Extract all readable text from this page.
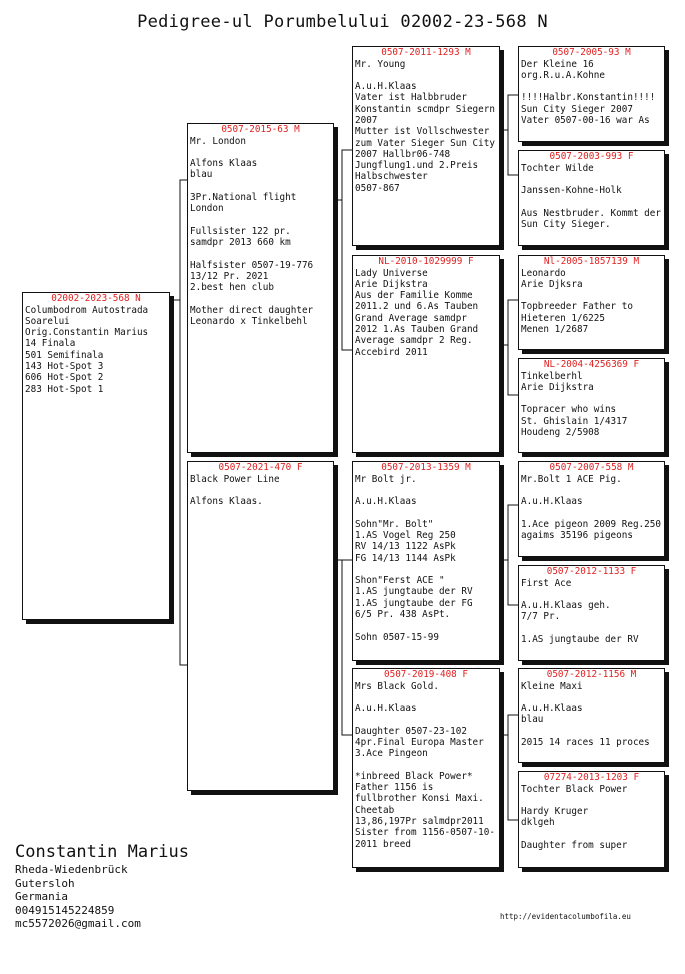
Pedigree-ul Porumbelului 02002-23-568 N
02002-2023-568 N
Columbodrom Autostrada
Soarelui
Orig.Constantin Marius
14 Finala
501 Semifinala
143 Hot-Spot 3
606 Hot-Spot 2
283 Hot-Spot 1
0507-2015-63 M
Mr. London

Alfons Klaas
blau

3Pr.National flight
London

Fullsister 122 pr.
samdpr 2013 660 km

Halfsister 0507-19-776
13/12 Pr. 2021
2.best hen club

Mother direct daughter
Leonardo x Tinkelbehl
0507-2021-470 F
Black Power Line

Alfons Klaas.
0507-2011-1293 M
Mr. Young

A.u.H.Klaas
Vater ist Halbbruder
Konstantin scmdpr Siegern
2007
Mutter ist Vollschwester
zum Vater Sieger Sun City
2007 Hallbr06-748
Jungflung1.und 2.Preis
Halbschwester
0507-867
NL-2010-1029999 F
Lady Universe
Arie Dijkstra
Aus der Familie Komme
2011.2 und 6.As Tauben
Grand Average samdpr
2012 1.As Tauben Grand
Average samdpr 2 Reg.
Accebird 2011
0507-2013-1359 M
Mr Bolt jr.

A.u.H.Klaas

Sohn"Mr. Bolt"
1.AS Vogel Reg 250
RV 14/13 1122 AsPk
FG 14/13 1144 AsPk

Shon"Ferst ACE "
1.AS jungtaube der RV
1.AS jungtaube der FG
6/5 Pr. 438 AsPt.

Sohn 0507-15-99
0507-2019-408 F
Mrs Black Gold.

A.u.H.Klaas

Daughter 0507-23-102
4pr.Final Europa Master
3.Ace Pingeon

*inbreed Black Power*
Father 1156 is
fullbrother Konsi Maxi.
Cheetab
13,86,197Pr salmdpr2011
Sister from 1156-0507-10-
2011 breed
0507-2005-93 M
Der Kleine 16
org.R.u.A.Kohne

!!!!Halbr.Konstantin!!!!
Sun City Sieger 2007
Vater 0507-00-16 war As
0507-2003-993 F
Tochter Wilde

Janssen-Kohne-Holk

Aus Nestbruder. Kommt der
Sun City Sieger.
Nl-2005-1857139 M
Leonardo
Arie Djksra

Topbreeder Father to
Hieteren 1/6225
Menen 1/2687
NL-2004-4256369 F
Tinkelberhl
Arie Dijkstra

Topracer who wins
St. Ghislain 1/4317
Houdeng 2/5908
0507-2007-558 M
Mr.Bolt 1 ACE Pig.

A.u.H.Klaas

1.Ace pigeon 2009 Reg.250
agaims 35196 pigeons
0507-2012-1133 F
First Ace

A.u.H.Klaas geh.
7/7 Pr.

1.AS jungtaube der RV
0507-2012-1156 M
Kleine Maxi

A.u.H.Klaas
blau

2015 14 races 11 proces
07274-2013-1203 F
Tochter Black Power

Hardy Kruger
dklgeh

Daughter from super
Constantin Marius
Rheda-Wiedenbrück
Gutersloh
Germania
004915145224859
mc5572026@gmail.com
http://evidentacolumbofila.eu
